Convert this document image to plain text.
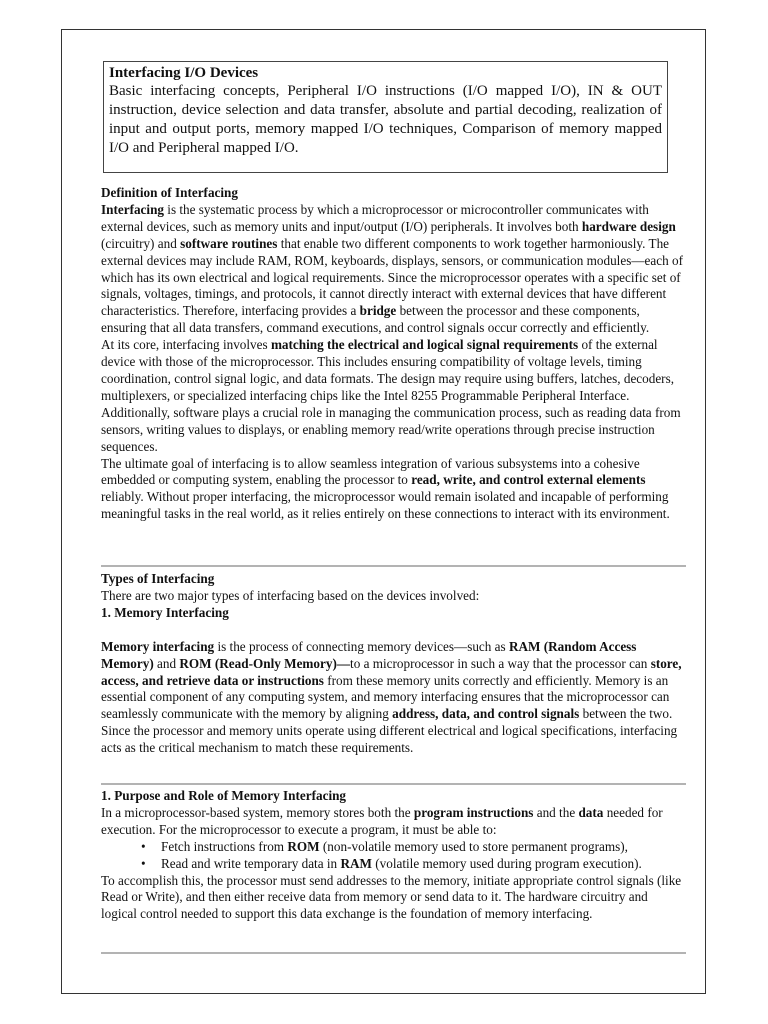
Interfacing I/O Devices
Basic interfacing concepts, Peripheral I/O instructions (I/O mapped I/O), IN & OUT instruction, device selection and data transfer, absolute and partial decoding, realization of input and output ports, memory mapped I/O techniques, Comparison of memory mapped I/O and Peripheral mapped I/O.

Definition of Interfacing

Interfacing is the systematic process by which a microprocessor or microcontroller communicates with external devices, such as memory units and input/output (I/O) peripherals. It involves both hardware design (circuitry) and software routines that enable two different components to work together harmoniously. The external devices may include RAM, ROM, keyboards, displays, sensors, or communication modules—each of which has its own electrical and logical requirements. Since the microprocessor operates with a specific set of signals, voltages, timings, and protocols, it cannot directly interact with external devices that have different characteristics. Therefore, interfacing provides a bridge between the processor and these components, ensuring that all data transfers, command executions, and control signals occur correctly and efficiently.

At its core, interfacing involves matching the electrical and logical signal requirements of the external device with those of the microprocessor. This includes ensuring compatibility of voltage levels, timing coordination, control signal logic, and data formats. The design may require using buffers, latches, decoders, multiplexers, or specialized interfacing chips like the Intel 8255 Programmable Peripheral Interface. Additionally, software plays a crucial role in managing the communication process, such as reading data from sensors, writing values to displays, or enabling memory read/write operations through precise instruction sequences.

The ultimate goal of interfacing is to allow seamless integration of various subsystems into a cohesive embedded or computing system, enabling the processor to read, write, and control external elements reliably. Without proper interfacing, the microprocessor would remain isolated and incapable of performing meaningful tasks in the real world, as it relies entirely on these connections to interact with its environment.

Types of Interfacing

There are two major types of interfacing based on the devices involved:

1. Memory Interfacing

Memory interfacing is the process of connecting memory devices—such as RAM (Random Access Memory) and ROM (Read-Only Memory)—to a microprocessor in such a way that the processor can store, access, and retrieve data or instructions from these memory units correctly and efficiently. Memory is an essential component of any computing system, and memory interfacing ensures that the microprocessor can seamlessly communicate with the memory by aligning address, data, and control signals between the two. Since the processor and memory units operate using different electrical and logical specifications, interfacing acts as the critical mechanism to match these requirements.

1. Purpose and Role of Memory Interfacing

In a microprocessor-based system, memory stores both the program instructions and the data needed for execution. For the microprocessor to execute a program, it must be able to:

• Fetch instructions from ROM (non-volatile memory used to store permanent programs),
• Read and write temporary data in RAM (volatile memory used during program execution).

To accomplish this, the processor must send addresses to the memory, initiate appropriate control signals (like Read or Write), and then either receive data from memory or send data to it. The hardware circuitry and logical control needed to support this data exchange is the foundation of memory interfacing.
